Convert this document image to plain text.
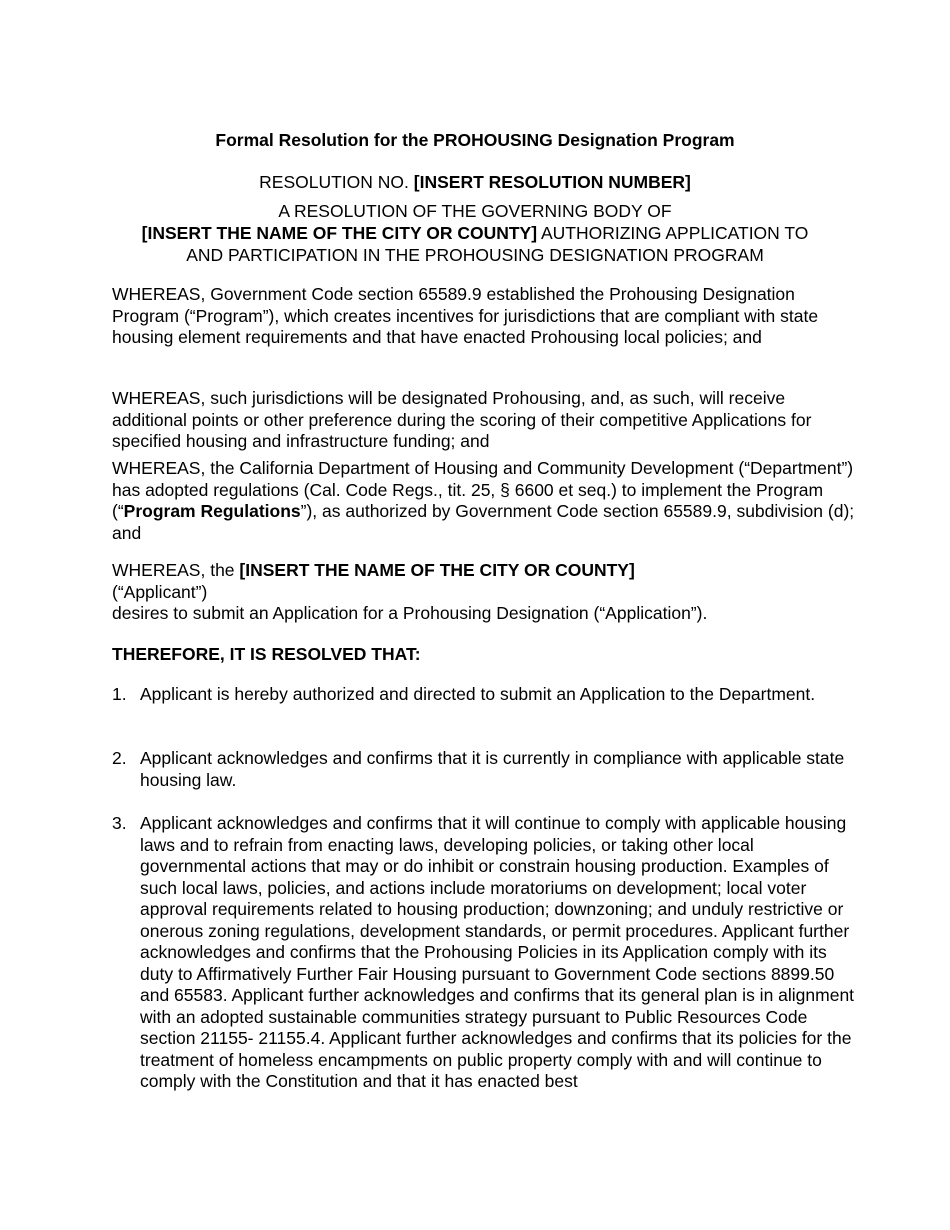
Formal Resolution for the PROHOUSING Designation Program
RESOLUTION NO. [INSERT RESOLUTION NUMBER]
A RESOLUTION OF THE GOVERNING BODY OF
[INSERT THE NAME OF THE CITY OR COUNTY] AUTHORIZING APPLICATION TO
AND PARTICIPATION IN THE PROHOUSING DESIGNATION PROGRAM
WHEREAS, Government Code section 65589.9 established the Prohousing Designation Program (“Program”), which creates incentives for jurisdictions that are compliant with state housing element requirements and that have enacted Prohousing local policies; and
WHEREAS, such jurisdictions will be designated Prohousing, and, as such, will receive additional points or other preference during the scoring of their competitive Applications for specified housing and infrastructure funding; and
WHEREAS, the California Department of Housing and Community Development (“Department”) has adopted regulations (Cal. Code Regs., tit. 25, § 6600 et seq.) to implement the Program (“Program Regulations”), as authorized by Government Code section 65589.9, subdivision (d); and
WHEREAS, the [INSERT THE NAME OF THE CITY OR COUNTY]
(“Applicant”)
desires to submit an Application for a Prohousing Designation (“Application”).
THEREFORE, IT IS RESOLVED THAT:
1. Applicant is hereby authorized and directed to submit an Application to the Department.
2. Applicant acknowledges and confirms that it is currently in compliance with applicable state housing law.
3. Applicant acknowledges and confirms that it will continue to comply with applicable housing laws and to refrain from enacting laws, developing policies, or taking other local governmental actions that may or do inhibit or constrain housing production. Examples of such local laws, policies, and actions include moratoriums on development; local voter approval requirements related to housing production; downzoning; and unduly restrictive or onerous zoning regulations, development standards, or permit procedures. Applicant further acknowledges and confirms that the Prohousing Policies in its Application comply with its duty to Affirmatively Further Fair Housing pursuant to Government Code sections 8899.50 and 65583. Applicant further acknowledges and confirms that its general plan is in alignment with an adopted sustainable communities strategy pursuant to Public Resources Code section 21155- 21155.4. Applicant further acknowledges and confirms that its policies for the treatment of homeless encampments on public property comply with and will continue to comply with the Constitution and that it has enacted best
